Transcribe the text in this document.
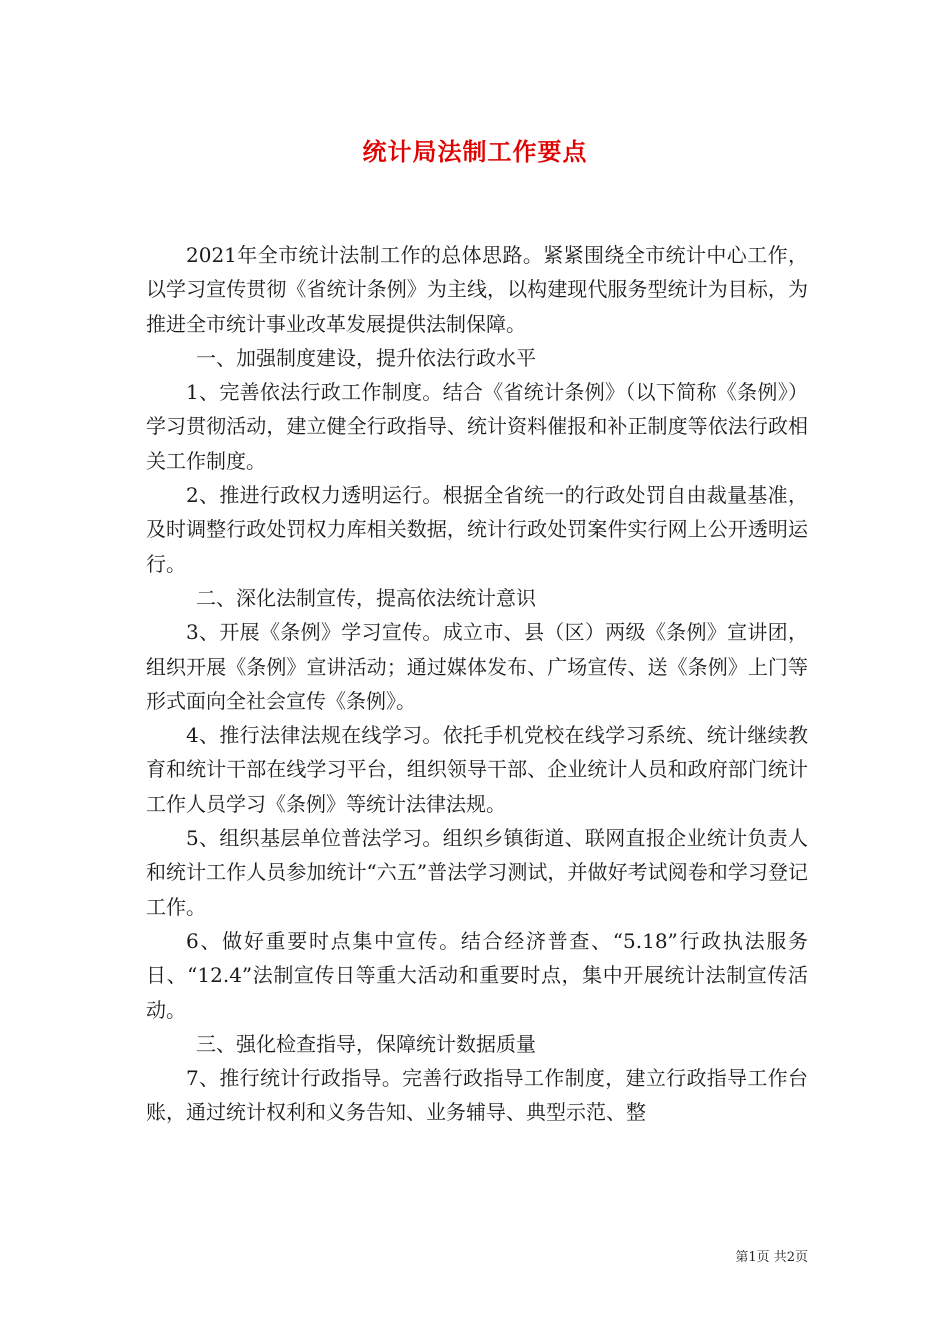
统计局法制工作要点

2021年全市统计法制工作的总体思路。紧紧围绕全市统计中心工作，以学习宣传贯彻《省统计条例》为主线，以构建现代服务型统计为目标，为推进全市统计事业改革发展提供法制保障。

一、加强制度建设，提升依法行政水平

1、完善依法行政工作制度。结合《省统计条例》（以下简称《条例》）学习贯彻活动，建立健全行政指导、统计资料催报和补正制度等依法行政相关工作制度。

2、推进行政权力透明运行。根据全省统一的行政处罚自由裁量基准，及时调整行政处罚权力库相关数据，统计行政处罚案件实行网上公开透明运行。

二、深化法制宣传，提高依法统计意识

3、开展《条例》学习宣传。成立市、县（区）两级《条例》宣讲团，组织开展《条例》宣讲活动；通过媒体发布、广场宣传、送《条例》上门等形式面向全社会宣传《条例》。

4、推行法律法规在线学习。依托手机党校在线学习系统、统计继续教育和统计干部在线学习平台，组织领导干部、企业统计人员和政府部门统计工作人员学习《条例》等统计法律法规。

5、组织基层单位普法学习。组织乡镇街道、联网直报企业统计负责人和统计工作人员参加统计“六五”普法学习测试，并做好考试阅卷和学习登记工作。

6、做好重要时点集中宣传。结合经济普查、“5.18”行政执法服务日、“12.4”法制宣传日等重大活动和重要时点，集中开展统计法制宣传活动。

三、强化检查指导，保障统计数据质量

7、推行统计行政指导。完善行政指导工作制度，建立行政指导工作台账，通过统计权利和义务告知、业务辅导、典型示范、整

第1页 共2页
